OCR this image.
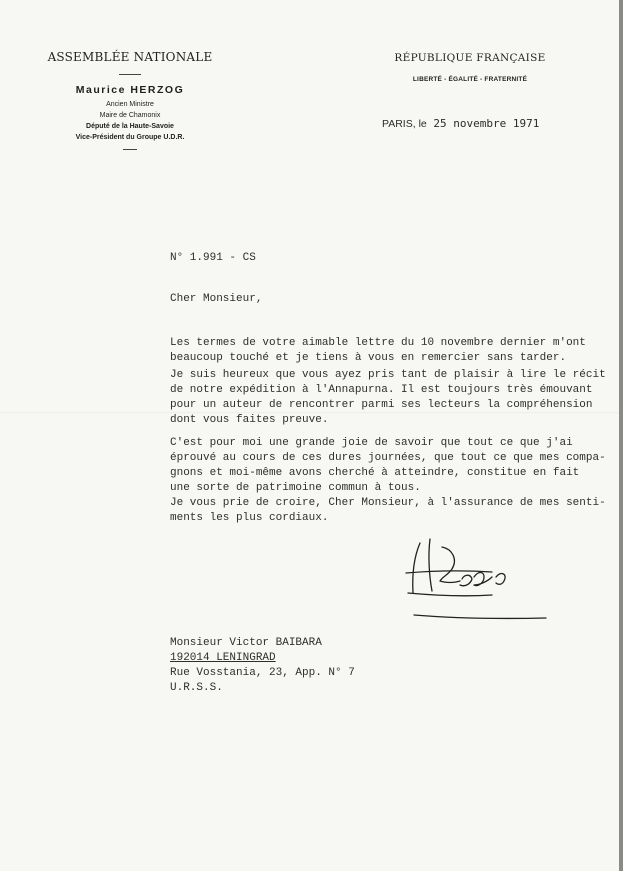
ASSEMBLÉE NATIONALE
Maurice HERZOG
Ancien Ministre
Maire de Chamonix
Député de la Haute-Savoie
Vice-Président du Groupe U.D.R.
RÉPUBLIQUE FRANÇAISE
LIBERTÉ - ÉGALITÉ - FRATERNITÉ
PARIS, le 25 novembre 1971
N° 1.991 - CS
Cher Monsieur,
Les termes de votre aimable lettre du 10 novembre dernier m'ont
beaucoup touché et je tiens à vous en remercier sans tarder.
Je suis heureux que vous ayez pris tant de plaisir à lire le récit
de notre expédition à l'Annapurna. Il est toujours très émouvant
pour un auteur de rencontrer parmi ses lecteurs la compréhension
dont vous faites preuve.
C'est pour moi une grande joie de savoir que tout ce que j'ai
éprouvé au cours de ces dures journées, que tout ce que mes compa-
gnons et moi-même avons cherché à atteindre, constitue en fait
une sorte de patrimoine commun à tous.
Je vous prie de croire, Cher Monsieur, à l'assurance de mes senti-
ments les plus cordiaux.
Monsieur Victor BAIBARA
192014 LENINGRAD
Rue Vosstania, 23, App. N° 7
U.R.S.S.
